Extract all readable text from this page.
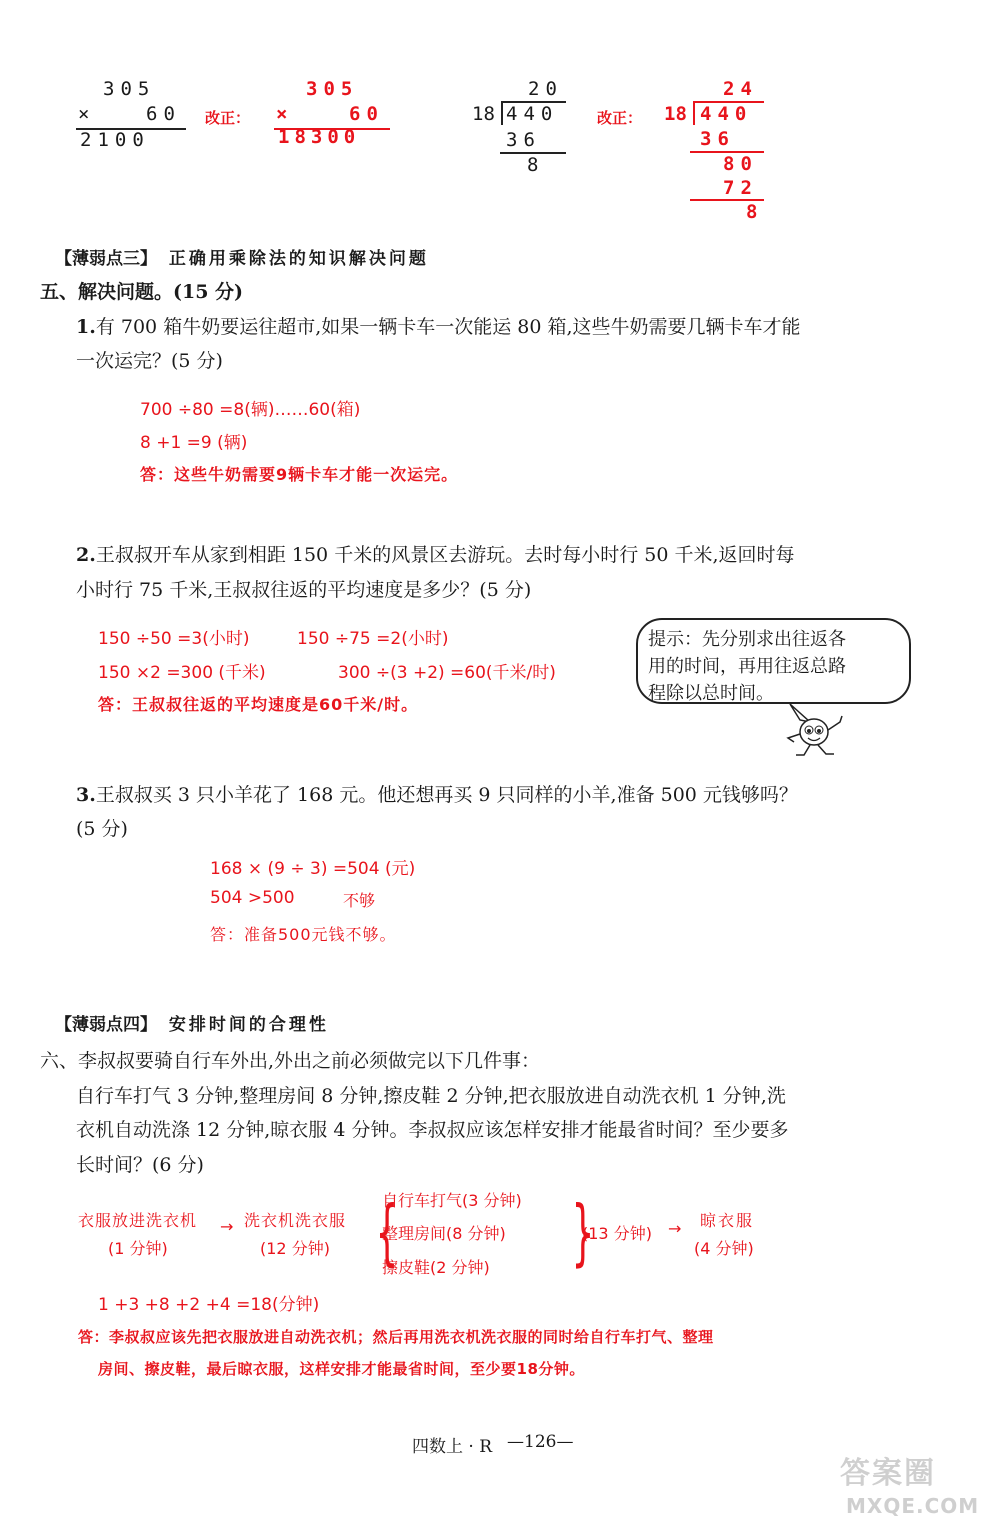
305
×	60
2100
改正：
305
×	60
18300
20
18 440
36
8
改正：
24
18 440
36
80
72
8
【薄弱点三】 正确用乘除法的知识解决问题
五、解决问题。(15 分)
1.有 700 箱牛奶要运往超市,如果一辆卡车一次能运 80 箱,这些牛奶需要几辆卡车才能
一次运完？(5 分)
700 ÷80 =8(辆)……60(箱)
8 +1 =9 (辆)
答：这些牛奶需要9辆卡车才能一次运完。
2.王叔叔开车从家到相距 150 千米的风景区去游玩。去时每小时行 50 千米,返回时每
小时行 75 千米,王叔叔往返的平均速度是多少？(5 分)
150 ÷50 =3(小时)	150 ÷75 =2(小时)
150 ×2 =300 (千米)	300 ÷(3 +2) =60(千米/时)
答：王叔叔往返的平均速度是60千米/时。
提示：先分别求出往返各
用的时间，再用往返总路
程除以总时间。
3.王叔叔买 3 只小羊花了 168 元。他还想再买 9 只同样的小羊,准备 500 元钱够吗？
(5 分)
168 × (9 ÷ 3) =504 (元)
504 >500	不够
答：准备500元钱不够。
【薄弱点四】 安排时间的合理性
六、李叔叔要骑自行车外出,外出之前必须做完以下几件事：
自行车打气 3 分钟,整理房间 8 分钟,擦皮鞋 2 分钟,把衣服放进自动洗衣机 1 分钟,洗
衣机自动洗涤 12 分钟,晾衣服 4 分钟。李叔叔应该怎样安排才能最省时间？至少要多
长时间？(6 分)
衣服放进洗衣机
(1 分钟)
→ 洗衣机洗衣服
(12 分钟) {
自行车打气(3 分钟)
整理房间(8 分钟)
擦皮鞋(2 分钟) }
(13 分钟) → 晾衣服
(4 分钟)
1 +3 +8 +2 +4 =18(分钟)
答：李叔叔应该先把衣服放进自动洗衣机；然后再用洗衣机洗衣服的同时给自行车打气、整理
房间、擦皮鞋，最后晾衣服，这样安排才能最省时间，至少要18分钟。
四数上 · R —126—
答案圈
MXQE.COM
